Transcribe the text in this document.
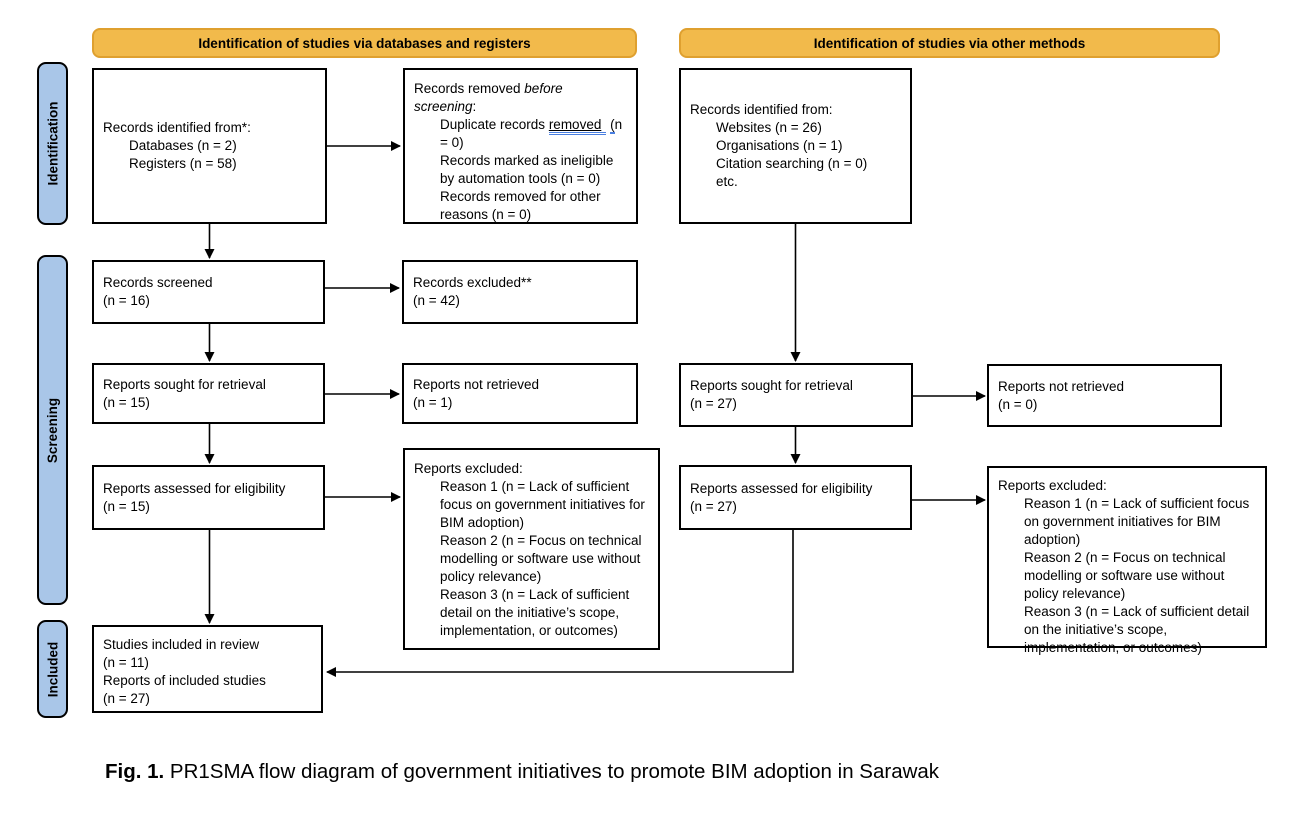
Identification of studies via databases and registers	Identification of studies via other methods
Identification
Screening
Included
Records identified from*:
Databases (n = 2)
Registers (n = 58)
Records removed before screening:
Duplicate records removed (n = 0)
Records marked as ineligible by automation tools (n = 0)
Records removed for other reasons (n = 0)
Records screened
(n = 16)
Records excluded**
(n = 42)
Reports sought for retrieval
(n = 15)
Reports not retrieved
(n = 1)
Reports assessed for eligibility
(n = 15)
Reports excluded:
Reason 1 (n = Lack of sufficient focus on government initiatives for BIM adoption)
Reason 2 (n = Focus on technical modelling or software use without policy relevance)
Reason 3 (n = Lack of sufficient detail on the initiative’s scope, implementation, or outcomes)
Studies included in review
(n = 11)
Reports of included studies
(n = 27)
Records identified from:
Websites (n = 26)
Organisations (n = 1)
Citation searching (n = 0)
etc.
Reports sought for retrieval
(n = 27)
Reports not retrieved
(n = 0)
Reports assessed for eligibility
(n = 27)
Reports excluded:
Reason 1 (n = Lack of sufficient focus on government initiatives for BIM adoption)
Reason 2 (n = Focus on technical modelling or software use without policy relevance)
Reason 3 (n = Lack of sufficient detail on the initiative’s scope, implementation, or outcomes)
Fig. 1. PR1SMA flow diagram of government initiatives to promote BIM adoption in Sarawak
